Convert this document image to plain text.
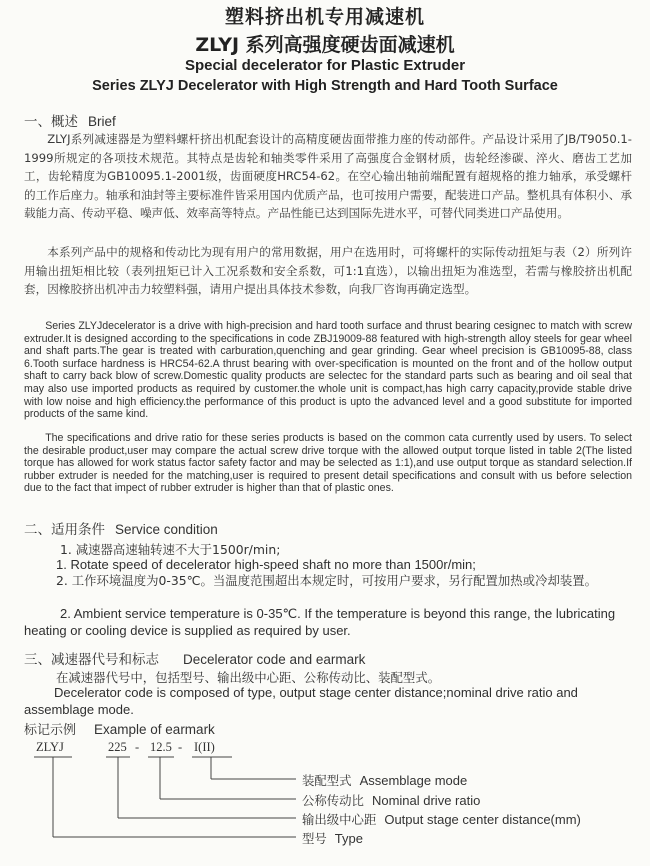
塑料挤出机专用减速机
ZLYJ 系列高强度硬齿面减速机
Special decelerator for Plastic Extruder
Series ZLYJ Decelerator with High Strength and Hard Tooth Surface
一、概述 Brief

ZLYJ系列减速器是为塑料螺杆挤出机配套设计的高精度硬齿面带推力座的传动部件。产品设计采用了JB/T9050.1-1999所规定的各项技术规范。其特点是齿轮和轴类零件采用了高强度合金钢材质，齿轮经渗碳、淬火、磨齿工艺加工，齿轮精度为GB10095.1-2001级，齿面硬度HRC54-62。在空心输出轴前端配置有超规格的推力轴承，承受螺杆的工作后座力。轴承和油封等主要标准件皆采用国内优质产品，也可按用户需要，配装进口产品。整机具有体积小、承载能力高、传动平稳、噪声低、效率高等特点。产品性能已达到国际先进水平，可替代同类进口产品使用。

本系列产品中的规格和传动比为现有用户的常用数据，用户在选用时，可将螺杆的实际传动扭矩与表（2）所列许用输出扭矩相比较（表列扭矩已计入工况系数和安全系数，可1:1直选），以输出扭矩为准选型，若需与橡胶挤出机配套，因橡胶挤出机冲击力较塑料强，请用户提出具体技术参数，向我厂咨询再确定选型。

Series ZLYJdecelerator is a drive with high-precision and hard tooth surface and thrust bearing cesignec to match with screw extruder.It is designed according to the specifications in code ZBJ19009-88 featured with high-strength alloy steels for gear wheel and shaft parts.The gear is treated with carburation,quenching and gear grinding. Gear wheel precision is GB10095-88, class 6.Tooth surface hardness is HRC54-62.A thrust bearing with over-specification is mounted on the front and of the hollow output shaft to carry back blow of screw.Domestic quality products are selectec for the standard parts such as bearing and oil seal that may also use imported products as required by customer.the whole unit is compact,has high carry capacity,provide stable drive with low noise and high efficiency.the performance of this product is upto the advanced level and a good substitute for imported products of the same kind.

The specifications and drive ratio for these series products is based on the common cata currently used by users. To select the desirable product,user may compare the actual screw drive torque with the allowed output torque listed in table 2(The listed torque has allowed for work status factor safety factor and may be selected as 1:1),and use output torque as standard selection.If rubber extruder is needed for the matching,user is required to present detail specifications and consult with us before selection due to the fact that impect of rubber extruder is higher than that of plastic ones.

二、适用条件 Service condition
1. 减速器高速轴转速不大于1500r/min;
1. Rotate speed of decelerator high-speed shaft no more than 1500r/min;

2. 工作环境温度为0-35℃。当温度范围超出本规定时，可按用户要求，另行配置加热或冷却装置。

2. Ambient service temperature is 0-35℃. If the temperature is beyond this range, the lubricating heating or cooling device is supplied as required by user.

三、减速器代号和标志 Decelerator code and earmark
在减速器代号中，包括型号、输出级中心距、公称传动比、装配型式。

Decelerator code is composed of type, output stage center distance;nominal drive ratio and assemblage mode.

标记示例 Example of earmark
ZLYJ	225 - 12.5 - I(II)
装配型式 Assemblage mode
公称传动比 Nominal drive ratio
输出级中心距 Output stage center distance(mm)
型号 Type
